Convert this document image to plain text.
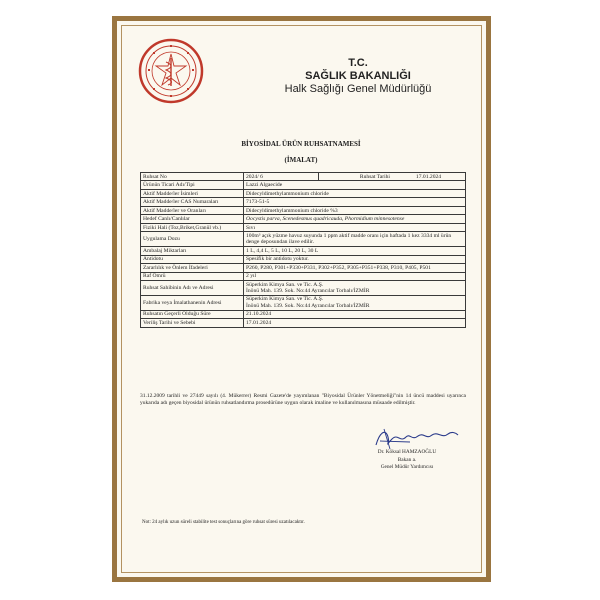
T.C.
SAĞLIK BAKANLIĞI
Halk Sağlığı Genel Müdürlüğü
BİYOSİDAL ÜRÜN RUHSATNAMESİ
(İMALAT)
Ruhsat No	2024/ 6	Ruhsat Tarihi	17.01.2024
Ürünün Ticari Adı/Tipi	Lazzi Algaecide		
Aktif Madde/ler İsimleri	Didecyldimethylammonium chloride		
Aktif Madde/ler CAS Numaraları	7173-51-5		
Aktif Madde/ler ve Oranları	Didecyldimethylammonium chloride %3		
Hedef Canlı/Canlılar	Oocystis parva, Scenedesmus quadricauda, Phormidium minnesotense		
Fiziki Hali (Toz,Briket,Granül vb.)	Sıvı		
Uygulama Dozu	100m³ açık yüzme havuz suyunda 1 ppm aktif madde oranı için haftada 1 kez 3334 ml ürün dengе deposundan ilave edilir.		
Ambalaj Miktarları	1 L, 4,4 L, 5 L, 10 L, 20 L, 30 L		
Antidotu	Spesifik bir antidotu yoktur.		
Zararlılık ve Önlem İfadeleri	P260, P280, P301+P330+P331, P302+P352, P305+P351+P338, P310, P405, P501		
Raf Ömrü	2 yıl		
Ruhsat Sahibinin Adı ve Adresi	Süperkim Kimya San. ve Tic. A.Ş.
İnönü Mah. 139. Sok. No:44 Ayrancılar Torbalı/İZMİR		

Fabrika veya İmalathanenin Adresi	Süperkim Kimya San. ve Tic. A.Ş.
İnönü Mah. 139. Sok. No:44 Ayrancılar Torbalı/İZMİR		

Ruhsatın Geçerli Olduğu Süre	21.10.2024		
Veriliş Tarihi ve Sebebi	17.01.2024		
31.12.2009 tarihli ve 27449 sayılı (4. Mükerrer) Resmi Gazete'de yayımlanan "Biyosidal Ürünler Yönetmeliği"nin 14 üncü maddesi uyarınca yukarıda adı geçen biyosidal ürünün ruhsatlandırma prosedürüne uygun olarak imaline ve kullanılmasına müsaade edilmiştir.
Dr. Köksal HAMZAOĞLU
Bakan a.
Genel Müdür Yardımcısı
Not: 24 aylık uzun süreli stabilite test sonuçlarına göre ruhsat süresi uzatılacaktır.
